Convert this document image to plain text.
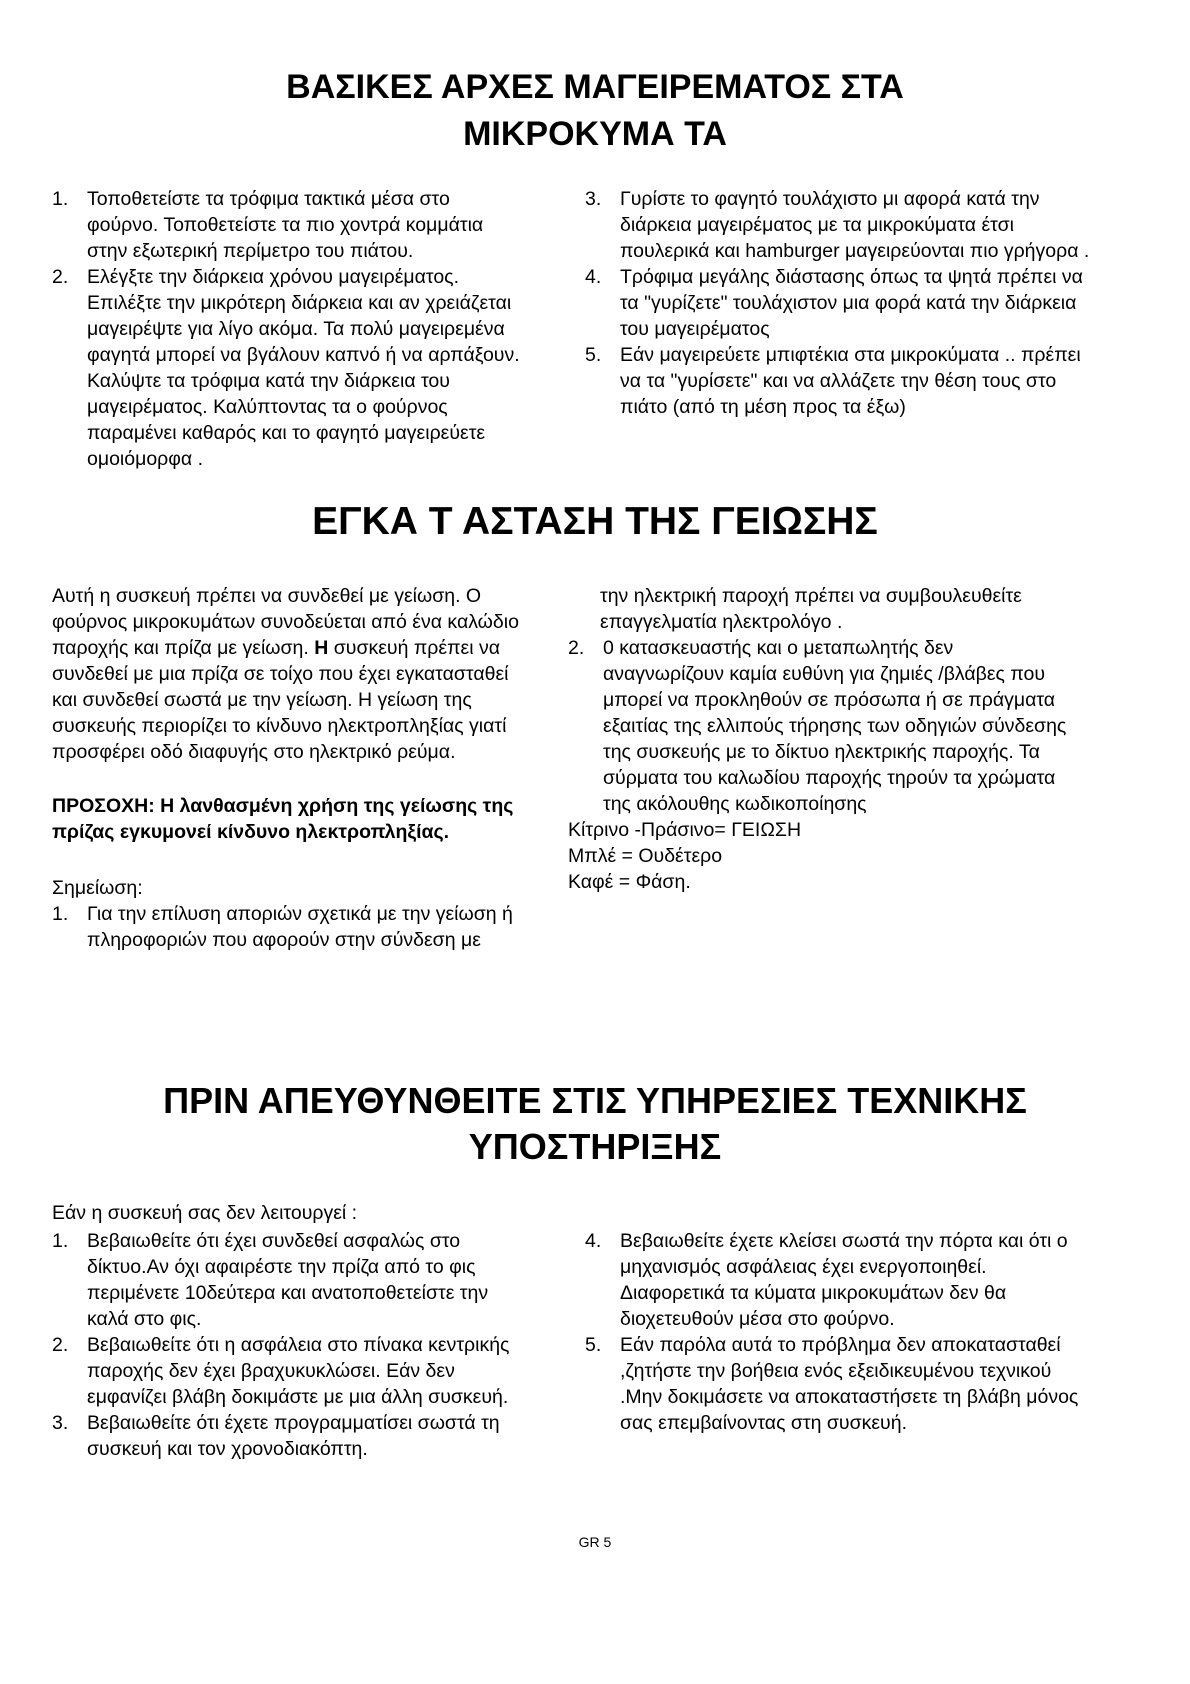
ΒΑΣΙΚΕΣ ΑΡΧΕΣ ΜΑΓΕΙΡΕΜΑΤΟΣ ΣΤΑ
ΜΙΚΡΟΚΥΜΑ ΤΑ
1. Τοποθετείστε τα τρόφιμα τακτικά μέσα στο φούρνο. Τοποθετείστε τα πιο χοντρά κομμάτια στην εξωτερική περίμετρο του πιάτου.
2. Ελέγξτε την διάρκεια χρόνου μαγειρέματος. Επιλέξτε την μικρότερη διάρκεια και αν χρειάζεται μαγειρέψτε για λίγο ακόμα. Τα πολύ μαγειρεμένα φαγητά μπορεί να βγάλουν καπνό ή να αρπάξουν. Καλύψτε τα τρόφιμα κατά την διάρκεια του μαγειρέματος. Καλύπτοντας τα ο φούρνος παραμένει καθαρός και το φαγητό μαγειρεύετε ομοιόμορφα .
3. Γυρίστε το φαγητό τουλάχιστο μι αφορά κατά την διάρκεια μαγειρέματος με τα μικροκύματα έτσι πουλερικά και hamburger μαγειρεύονται πιο γρήγορα .
4. Τρόφιμα μεγάλης διάστασης όπως τα ψητά πρέπει να τα "γυρίζετε" τουλάχιστον μια φορά κατά την διάρκεια του μαγειρέματος
5. Εάν μαγειρεύετε μπιφτέκια στα μικροκύματα .. πρέπει να τα "γυρίσετε" και να αλλάζετε την θέση τους στο πιάτο (από τη μέση προς τα έξω)
ΕΓΚΑ Τ ΑΣΤΑΣΗ ΤΗΣ ΓΕΙΩΣΗΣ

Αυτή η συσκευή πρέπει να συνδεθεί με γείωση. Ο φούρνος μικροκυμάτων συνοδεύεται από ένα καλώδιο παροχής και πρίζα με γείωση. Η συσκευή πρέπει να συνδεθεί με μια πρίζα σε τοίχο που έχει εγκατασταθεί και συνδεθεί σωστά με την γείωση. Η γείωση της συσκευής περιορίζει το κίνδυνο ηλεκτροπληξίας γιατί προσφέρει οδό διαφυγής στο ηλεκτρικό ρεύμα.

ΠΡΟΣΟΧΗ: Η λανθασμένη χρήση της γείωσης της πρίζας εγκυμονεί κίνδυνο ηλεκτροπληξίας.

Σημείωση:

1. Για την επίλυση αποριών σχετικά με την γείωση ή πληροφοριών που αφορούν στην σύνδεση με

την ηλεκτρική παροχή πρέπει να συμβουλευθείτε επαγγελματία ηλεκτρολόγο .

2. 0 κατασκευαστής και ο μεταπωλητής δεν αναγνωρίζουν καμία ευθύνη για ζημιές /βλάβες που μπορεί να προκληθούν σε πρόσωπα ή σε πράγματα εξαιτίας της ελλιπούς τήρησης των οδηγιών σύνδεσης της συσκευής με το δίκτυο ηλεκτρικής παροχής. Τα σύρματα του καλωδίου παροχής τηρούν τα χρώματα της ακόλουθης κωδικοποίησης

Κίτρινο -Πράσινο= ΓΕΙΩΣΗ

Μπλέ = Ουδέτερο

Καφέ = Φάση.

ΠΡΙΝ ΑΠΕΥΘΥΝΘΕΙΤΕ ΣΤΙΣ ΥΠΗΡΕΣΙΕΣ ΤΕΧΝΙΚΗΣ
ΥΠΟΣΤΗΡΙΞΗΣ
Εάν η συσκευή σας δεν λειτουργεί :
1. Βεβαιωθείτε ότι έχει συνδεθεί ασφαλώς στο δίκτυο.Αν όχι αφαιρέστε την πρίζα από το φις περιμένετε 10δεύτερα και ανατοποθετείστε την καλά στο φις.
2. Βεβαιωθείτε ότι η ασφάλεια στο πίνακα κεντρικής παροχής δεν έχει βραχυκυκλώσει. Εάν δεν εμφανίζει βλάβη δοκιμάστε με μια άλλη συσκευή.
3. Βεβαιωθείτε ότι έχετε προγραμματίσει σωστά τη συσκευή και τον χρονοδιακόπτη.
4. Βεβαιωθείτε έχετε κλείσει σωστά την πόρτα και ότι ο μηχανισμός ασφάλειας έχει ενεργοποιηθεί. Διαφορετικά τα κύματα μικροκυμάτων δεν θα διοχετευθούν μέσα στο φούρνο.
5. Εάν παρόλα αυτά το πρόβλημα δεν αποκατασταθεί ,ζητήστε την βοήθεια ενός εξειδικευμένου τεχνικού .Μην δοκιμάσετε να αποκαταστήσετε τη βλάβη μόνος σας επεμβαίνοντας στη συσκευή.
GR 5
